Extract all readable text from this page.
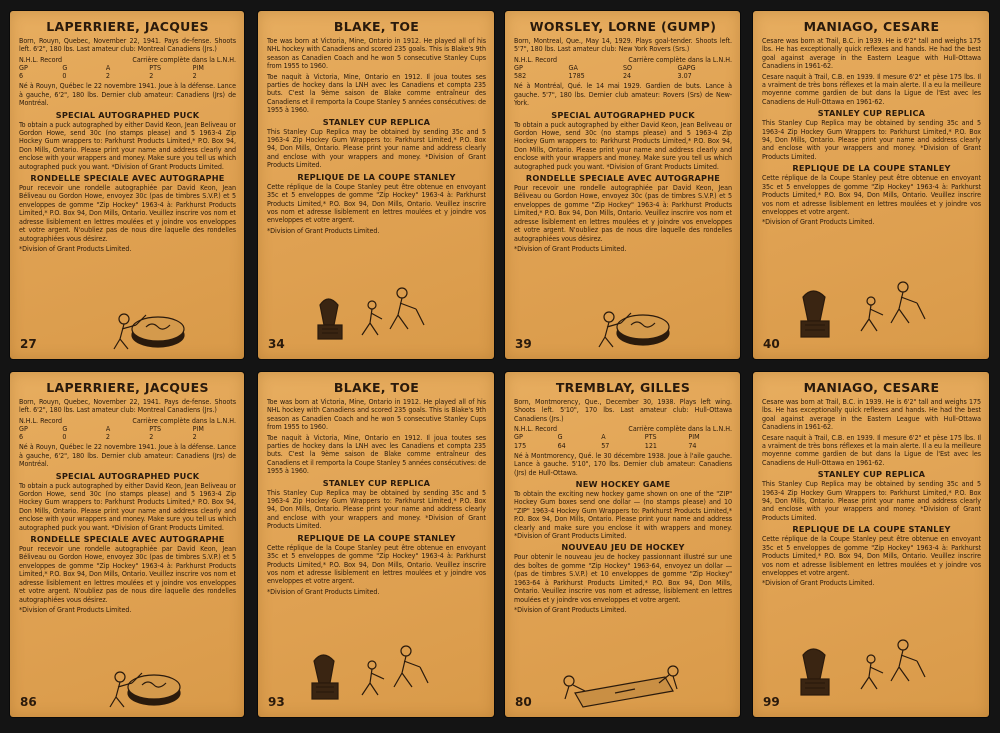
LAPERRIERE, JACQUES

Born, Rouyn, Quebec, November 22, 1941. Pays de-fense. Shoots left. 6'2", 180 lbs. Last amateur club: Montreal Canadiens (Jrs.)

N.H.L. Record	Carrière complète dans la L.N.H.
GP	G	A	PTS	PIM
6	0	2	2	2

Né à Rouyn, Québec le 22 novembre 1941. Joue à la défense. Lance à gauche, 6'2", 180 lbs. Dernier club amateur: Canadiens (Jrs) de Montréal.

SPECIAL AUTOGRAPHED PUCK

To obtain a puck autographed by either David Keon, Jean Beliveau or Gordon Howe, send 30c (no stamps please) and 5 1963-4 Zip Hockey Gum wrappers to: Parkhurst Products Limited,* P.O. Box 94, Don Mills, Ontario. Please print your name and address clearly and enclose with your wrappers and money. Make sure you tell us which autographed puck you want. *Division of Grant Products Limited.

RONDELLE SPECIALE AVEC AUTOGRAPHE

Pour recevoir une rondelle autographiée par David Keon, Jean Béliveau ou Gordon Howe, envoyez 30c (pas de timbres S.V.P.) et 5 enveloppes de gomme "Zip Hockey" 1963-4 à: Parkhurst Products Limited,* P.O. Box 94, Don Mills, Ontario. Veuillez inscrire vos nom et adresse lisiblement en lettres moulées et y joindre vos enveloppes et votre argent. N'oubliez pas de nous dire laquelle des rondelles autographiées vous désirez.

*Division of Grant Products Limited.

27
BLAKE, TOE

Toe was born at Victoria, Mine, Ontario in 1912. He played all of his NHL hockey with Canadiens and scored 235 goals. This is Blake's 9th season as Canadien Coach and he won 5 consecutive Stanley Cups from 1955 to 1960.

Toe naquit à Victoria, Mine, Ontario en 1912. Il joua toutes ses parties de hockey dans la LNH avec les Canadiens et compta 235 buts. C'est la 9ème saison de Blake comme entraîneur des Canadiens et il remporta la Coupe Stanley 5 années consécutives: de 1955 à 1960.

STANLEY CUP REPLICA

This Stanley Cup Replica may be obtained by sending 35c and 5 1963-4 Zip Hockey Gum Wrappers to: Parkhurst Limited,* P.O. Box 94, Don Mills, Ontario. Please print your name and address clearly and enclose with your wrappers and money. *Division of Grant Products Limited.

REPLIQUE DE LA COUPE STANLEY

Cette réplique de la Coupe Stanley peut être obtenue en envoyant 35c et 5 enveloppes de gomme "Zip Hockey" 1963-4 à: Parkhurst Products Limited,* P.O. Box 94, Don Mills, Ontario. Veuillez inscrire vos nom et adresse lisiblement en lettres moulées et y joindre vos enveloppes et votre argent.

*Division of Grant Products Limited.

34
WORSLEY, LORNE (GUMP)

Born, Montreal, Que., May 14, 1929. Plays goal-tender. Shoots left. 5'7", 180 lbs. Last amateur club: New York Rovers (Srs.)

N.H.L. Record	Carrière complète dans la L.N.H.
GP	GA	SO	GAPG
582	1785	24	3.07

Né à Montréal, Qué. le 14 mai 1929. Gardien de buts. Lance à gauche. 5'7", 180 lbs. Dernier club amateur: Rovers (Srs) de New-York.

SPECIAL AUTOGRAPHED PUCK

To obtain a puck autographed by either David Keon, Jean Beliveau or Gordon Howe, send 30c (no stamps please) and 5 1963-4 Zip Hockey Gum wrappers to: Parkhurst Products Limited,* P.O. Box 94, Don Mills, Ontario. Please print your name and address clearly and enclose with your wrappers and money. Make sure you tell us which autographed puck you want. *Division of Grant Products Limited.

RONDELLE SPECIALE AVEC AUTOGRAPHE

Pour recevoir une rondelle autographiée par David Keon, Jean Béliveau ou Gordon Howe, envoyez 30c (pas de timbres S.V.P.) et 5 enveloppes de gomme "Zip Hockey" 1963-4 à: Parkhurst Products Limited,* P.O. Box 94, Don Mills, Ontario. Veuillez inscrire vos nom et adresse lisiblement en lettres moulées et y joindre vos enveloppes et votre argent. N'oubliez pas de nous dire laquelle des rondelles autographiées vous désirez.

*Division of Grant Products Limited.

39
MANIAGO, CESARE

Cesare was born at Trail, B.C. in 1939. He is 6'2" tall and weighs 175 lbs. He has exceptionally quick reflexes and hands. He had the best goal against average in the Eastern League with Hull-Ottawa Canadiens in 1961-62.

Cesare naquit à Trail, C.B. en 1939. Il mesure 6'2" et pèse 175 lbs. Il a vraiment de très bons réflexes et la main alerte. Il a eu la meilleure moyenne comme gardien de but dans la Ligue de l'Est avec les Canadiens de Hull-Ottawa en 1961-62.

STANLEY CUP REPLICA

This Stanley Cup Replica may be obtained by sending 35c and 5 1963-4 Zip Hockey Gum Wrappers to: Parkhurst Limited,* P.O. Box 94, Don Mills, Ontario. Please print your name and address clearly and enclose with your wrappers and money. *Division of Grant Products Limited.

REPLIQUE DE LA COUPE STANLEY

Cette réplique de la Coupe Stanley peut être obtenue en envoyant 35c et 5 enveloppes de gomme "Zip Hockey" 1963-4 à: Parkhurst Products Limited,* P.O. Box 94, Don Mills, Ontario. Veuillez inscrire vos nom et adresse lisiblement en lettres moulées et y joindre vos enveloppes et votre argent.

*Division of Grant Products Limited.

40
LAPERRIERE, JACQUES

Born, Rouyn, Quebec, November 22, 1941. Pays de-fense. Shoots left. 6'2", 180 lbs. Last amateur club: Montreal Canadiens (Jrs.)

N.H.L. Record	Carrière complète dans la L.N.H.
GP	G	A	PTS	PIM
6	0	2	2	2

Né à Rouyn, Québec le 22 novembre 1941. Joue à la défense. Lance à gauche, 6'2", 180 lbs. Dernier club amateur: Canadiens (Jrs) de Montréal.

SPECIAL AUTOGRAPHED PUCK

To obtain a puck autographed by either David Keon, Jean Beliveau or Gordon Howe, send 30c (no stamps please) and 5 1963-4 Zip Hockey Gum wrappers to: Parkhurst Products Limited,* P.O. Box 94, Don Mills, Ontario. Please print your name and address clearly and enclose with your wrappers and money. Make sure you tell us which autographed puck you want. *Division of Grant Products Limited.

RONDELLE SPECIALE AVEC AUTOGRAPHE

Pour recevoir une rondelle autographiée par David Keon, Jean Béliveau ou Gordon Howe, envoyez 30c (pas de timbres S.V.P.) et 5 enveloppes de gomme "Zip Hockey" 1963-4 à: Parkhurst Products Limited,* P.O. Box 94, Don Mills, Ontario. Veuillez inscrire vos nom et adresse lisiblement en lettres moulées et y joindre vos enveloppes et votre argent. N'oubliez pas de nous dire laquelle des rondelles autographiées vous désirez.

*Division of Grant Products Limited.

86
BLAKE, TOE

Toe was born at Victoria, Mine, Ontario in 1912. He played all of his NHL hockey with Canadiens and scored 235 goals. This is Blake's 9th season as Canadien Coach and he won 5 consecutive Stanley Cups from 1955 to 1960.

Toe naquit à Victoria, Mine, Ontario en 1912. Il joua toutes ses parties de hockey dans la LNH avec les Canadiens et compta 235 buts. C'est la 9ème saison de Blake comme entraîneur des Canadiens et il remporta la Coupe Stanley 5 années consécutives: de 1955 à 1960.

STANLEY CUP REPLICA

This Stanley Cup Replica may be obtained by sending 35c and 5 1963-4 Zip Hockey Gum Wrappers to: Parkhurst Limited,* P.O. Box 94, Don Mills, Ontario. Please print your name and address clearly and enclose with your wrappers and money. *Division of Grant Products Limited.

REPLIQUE DE LA COUPE STANLEY

Cette réplique de la Coupe Stanley peut être obtenue en envoyant 35c et 5 enveloppes de gomme "Zip Hockey" 1963-4 à: Parkhurst Products Limited,* P.O. Box 94, Don Mills, Ontario. Veuillez inscrire vos nom et adresse lisiblement en lettres moulées et y joindre vos enveloppes et votre argent.

*Division of Grant Products Limited.

93
TREMBLAY, GILLES

Born, Montmorency, Que., December 30, 1938. Plays left wing. Shoots left. 5'10", 170 lbs. Last amateur club: Hull-Ottawa Canadiens (Jrs.)

N.H.L. Record	Carrière complète dans la L.N.H.
GP	G	A	PTS	PIM
175	64	57	121	74

Né à Montmorency, Qué. le 30 décembre 1938. Joue à l'aile gauche. Lance à gauche. 5'10", 170 lbs. Dernier club amateur: Canadiens (Jrs) de Hull-Ottawa.

NEW HOCKEY GAME

To obtain the exciting new hockey game shown on one of the "ZIP" Hockey Gum boxes send one dollar — (no stamps please) and 10 "ZIP" 1963-4 Hockey Gum Wrappers to: Parkhurst Products Limited,* P.O. Box 94, Don Mills, Ontario. Please print your name and address clearly and make sure you enclose it with wrappers and money. *Division of Grant Products Limited.

NOUVEAU JEU DE HOCKEY

Pour obtenir le nouveau jeu de hockey passionnant illustré sur une des boîtes de gomme "Zip Hockey" 1963-64, envoyez un dollar — (pas de timbres S.V.P.) et 10 enveloppes de gomme "Zip Hockey" 1963-64 à Parkhurst Products Limited,* P.O. Box 94, Don Mills, Ontario. Veuillez inscrire vos nom et adresse, lisiblement en lettres moulées et y joindre vos enveloppes et votre argent.

*Division of Grant Products Limited.

80
MANIAGO, CESARE

Cesare was born at Trail, B.C. in 1939. He is 6'2" tall and weighs 175 lbs. He has exceptionally quick reflexes and hands. He had the best goal against average in the Eastern League with Hull-Ottawa Canadiens in 1961-62.

Cesare naquit à Trail, C.B. en 1939. Il mesure 6'2" et pèse 175 lbs. Il a vraiment de très bons réflexes et la main alerte. Il a eu la meilleure moyenne comme gardien de but dans la Ligue de l'Est avec les Canadiens de Hull-Ottawa en 1961-62.

STANLEY CUP REPLICA

This Stanley Cup Replica may be obtained by sending 35c and 5 1963-4 Zip Hockey Gum Wrappers to: Parkhurst Limited,* P.O. Box 94, Don Mills, Ontario. Please print your name and address clearly and enclose with your wrappers and money. *Division of Grant Products Limited.

REPLIQUE DE LA COUPE STANLEY

Cette réplique de la Coupe Stanley peut être obtenue en envoyant 35c et 5 enveloppes de gomme "Zip Hockey" 1963-4 à: Parkhurst Products Limited,* P.O. Box 94, Don Mills, Ontario. Veuillez inscrire vos nom et adresse lisiblement en lettres moulées et y joindre vos enveloppes et votre argent.

*Division of Grant Products Limited.

99
